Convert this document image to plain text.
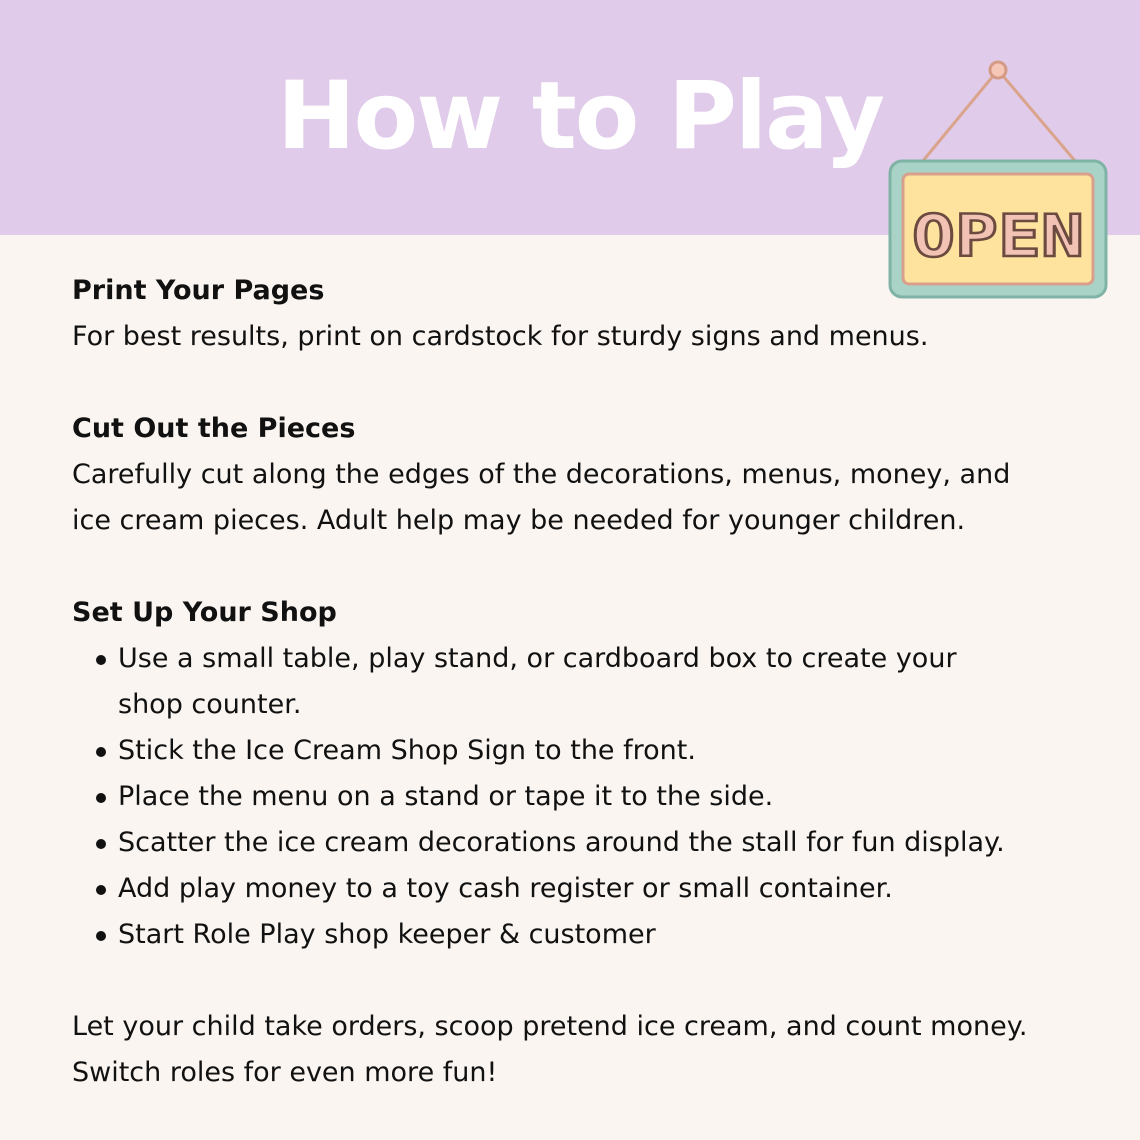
How to Play
OPEN

Print Your Pages

For best results, print on cardstock for sturdy signs and menus.

Cut Out the Pieces

Carefully cut along the edges of the decorations, menus, money, and ice cream pieces. Adult help may be needed for younger children.

Set Up Your Shop

Use a small table, play stand, or cardboard box to create your shop counter.
Stick the Ice Cream Shop Sign to the front.
Place the menu on a stand or tape it to the side.
Scatter the ice cream decorations around the stall for fun display.
Add play money to a toy cash register or small container.
Start Role Play shop keeper & customer

Let your child take orders, scoop pretend ice cream, and count money.

Switch roles for even more fun!
